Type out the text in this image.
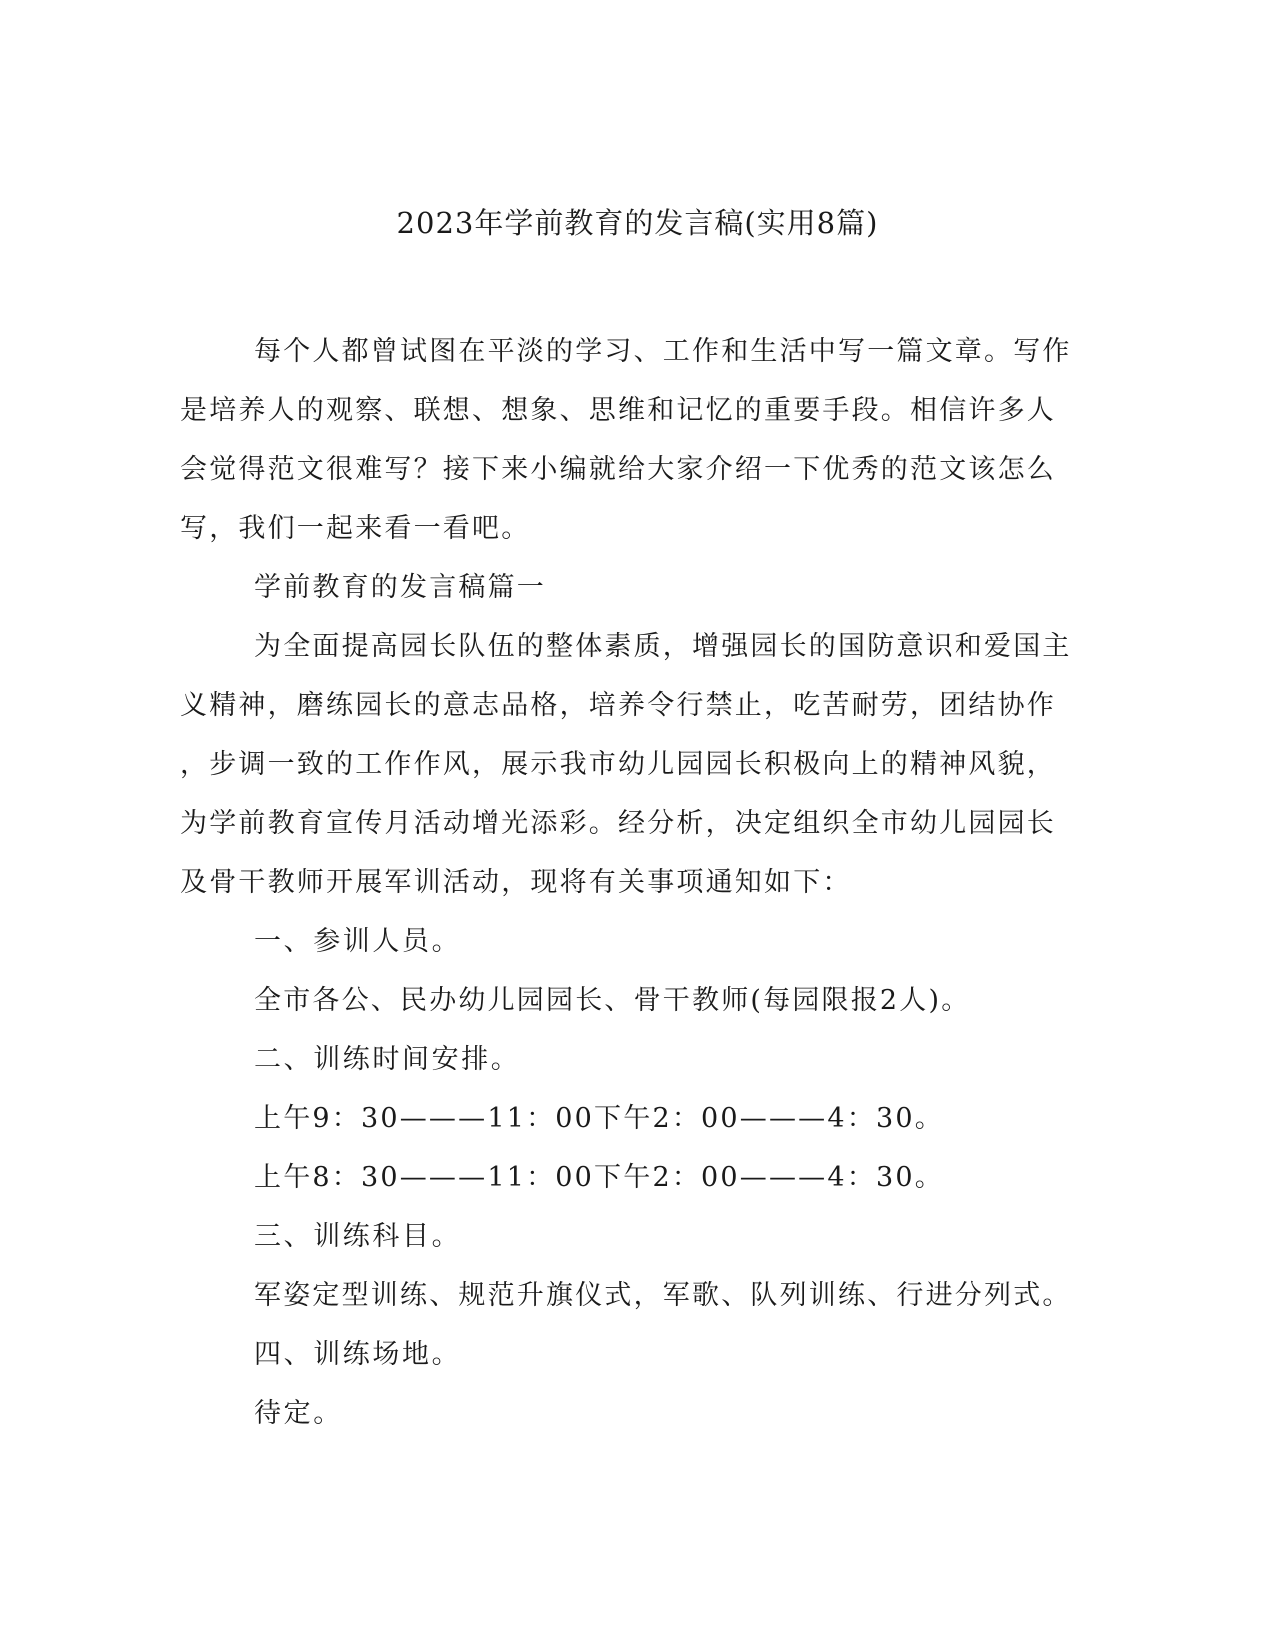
2023年学前教育的发言稿(实用8篇)

每个人都曾试图在平淡的学习、工作和生活中写一篇文章。写作

是培养人的观察、联想、想象、思维和记忆的重要手段。相信许多人

会觉得范文很难写？接下来小编就给大家介绍一下优秀的范文该怎么

写，我们一起来看一看吧。

学前教育的发言稿篇一

为全面提高园长队伍的整体素质，增强园长的国防意识和爱国主

义精神，磨练园长的意志品格，培养令行禁止，吃苦耐劳，团结协作

，步调一致的工作作风，展示我市幼儿园园长积极向上的精神风貌，

为学前教育宣传月活动增光添彩。经分析，决定组织全市幼儿园园长

及骨干教师开展军训活动，现将有关事项通知如下：

一、参训人员。

全市各公、民办幼儿园园长、骨干教师(每园限报2人)。

二、训练时间安排。

上午9：30———11：00下午2：00———4：30。

上午8：30———11：00下午2：00———4：30。

三、训练科目。

军姿定型训练、规范升旗仪式，军歌、队列训练、行进分列式。

四、训练场地。

待定。
